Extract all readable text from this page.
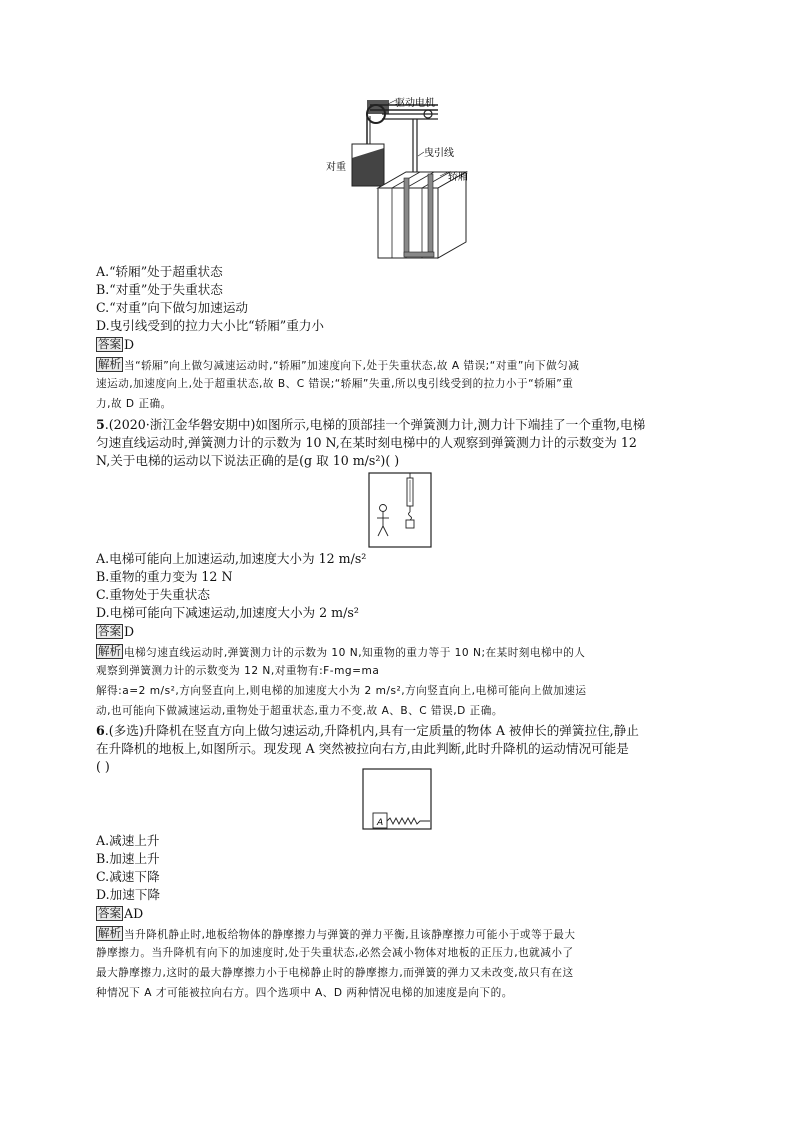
驱动电机
对重
曳引线
轿厢
A.“轿厢”处于超重状态
B.“对重”处于失重状态
C.“对重”向下做匀加速运动
D.曳引线受到的拉力大小比“轿厢”重力小
答案 D
解析 当“轿厢”向上做匀减速运动时,“轿厢”加速度向下,处于失重状态,故 A 错误;“对重”向下做匀减
速运动,加速度向上,处于超重状态,故 B、C 错误;“轿厢”失重,所以曳引线受到的拉力小于“轿厢”重
力,故 D 正确。
5.(2020·浙江金华磐安期中)如图所示,电梯的顶部挂一个弹簧测力计,测力计下端挂了一个重物,电梯
匀速直线运动时,弹簧测力计的示数为 10 N,在某时刻电梯中的人观察到弹簧测力计的示数变为 12
N,关于电梯的运动以下说法正确的是(g 取 10 m/s²)( )
A.电梯可能向上加速运动,加速度大小为 12 m/s²
B.重物的重力变为 12 N
C.重物处于失重状态
D.电梯可能向下减速运动,加速度大小为 2 m/s²
答案 D
解析 电梯匀速直线运动时,弹簧测力计的示数为 10 N,知重物的重力等于 10 N;在某时刻电梯中的人
观察到弹簧测力计的示数变为 12 N,对重物有:F-mg=ma
解得:a=2 m/s²,方向竖直向上,则电梯的加速度大小为 2 m/s²,方向竖直向上,电梯可能向上做加速运
动,也可能向下做减速运动,重物处于超重状态,重力不变,故 A、B、C 错误,D 正确。
6.(多选)升降机在竖直方向上做匀速运动,升降机内,具有一定质量的物体 A 被伸长的弹簧拉住,静止
在升降机的地板上,如图所示。现发现 A 突然被拉向右方,由此判断,此时升降机的运动情况可能是
( )
A
A.减速上升
B.加速上升
C.减速下降
D.加速下降
答案 AD
解析 当升降机静止时,地板给物体的静摩擦力与弹簧的弹力平衡,且该静摩擦力可能小于或等于最大
静摩擦力。当升降机有向下的加速度时,处于失重状态,必然会减小物体对地板的正压力,也就减小了
最大静摩擦力,这时的最大静摩擦力小于电梯静止时的静摩擦力,而弹簧的弹力又未改变,故只有在这
种情况下 A 才可能被拉向右方。四个选项中 A、D 两种情况电梯的加速度是向下的。
